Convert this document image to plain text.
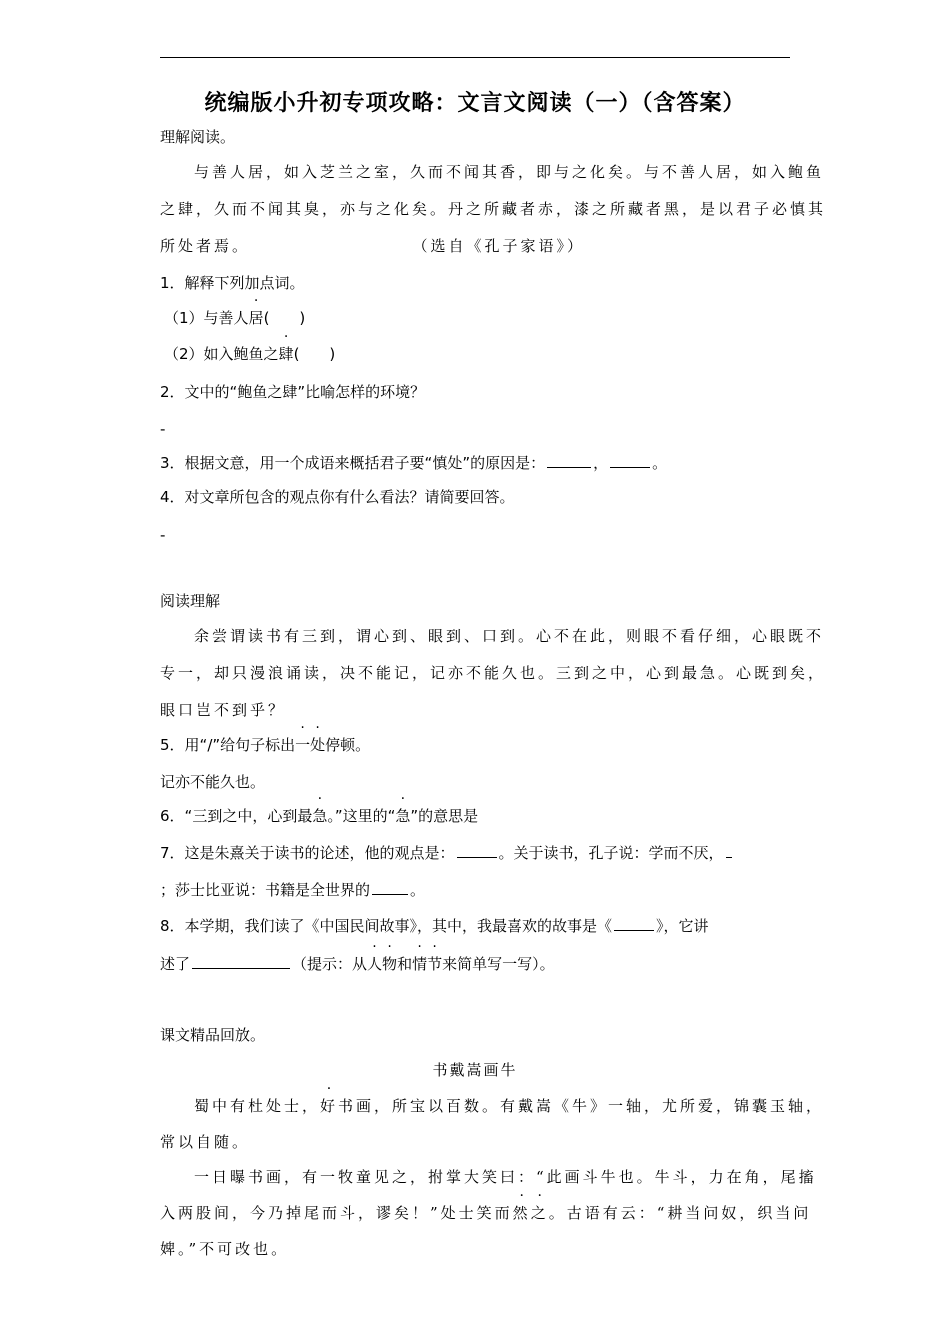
统编版小升初专项攻略：文言文阅读（一）（含答案）
理解阅读。
与善人居，如入芝兰之室，久而不闻其香，即与之化矣。与不善人居，如入鲍鱼
之肆，久而不闻其臭，亦与之化矣。丹之所藏者赤，漆之所藏者黑，是以君子必慎其
所处者焉。	（选自《孔子家语》）
1．解释下列加点词。
（1）与善人居(　　)
（2）如入鲍鱼之肆(　　)
2．文中的“鲍鱼之肆”比喻怎样的环境？
-
3．根据文意，用一个成语来概括君子要“慎处”的原因是：	，	。
4．对文章所包含的观点你有什么看法？请简要回答。
-
阅读理解
余尝谓读书有三到，谓心到、眼到、口到。心不在此，则眼不看仔细，心眼既不
专一，却只漫浪诵读，决不能记，记亦不能久也。三到之中，心到最急。心既到矣，
眼口岂不到乎？
5．用“/”给句子标出一处停顿。
记亦不能久也。
6．“三到之中，心到最急。”这里的“急”的意思是
7．这是朱熹关于读书的论述，他的观点是：	。关于读书，孔子说：学而不厌，
；莎士比亚说：书籍是全世界的	。
8．本学期，我们读了《中国民间故事》，其中，我最喜欢的故事是《	》，它讲
述了	（提示：从人物和情节来简单写一写）。
课文精品回放。
书戴嵩画牛
蜀中有杜处士，好书画，所宝以百数。有戴嵩《牛》一轴，尤所爱，锦囊玉轴，
常以自随。
一日曝书画，有一牧童见之，拊掌大笑曰：“此画斗牛也。牛斗，力在角，尾搐
入两股间，今乃掉尾而斗，谬矣！”处士笑而然之。古语有云：“耕当问奴，织当问
婢。”不可改也。
